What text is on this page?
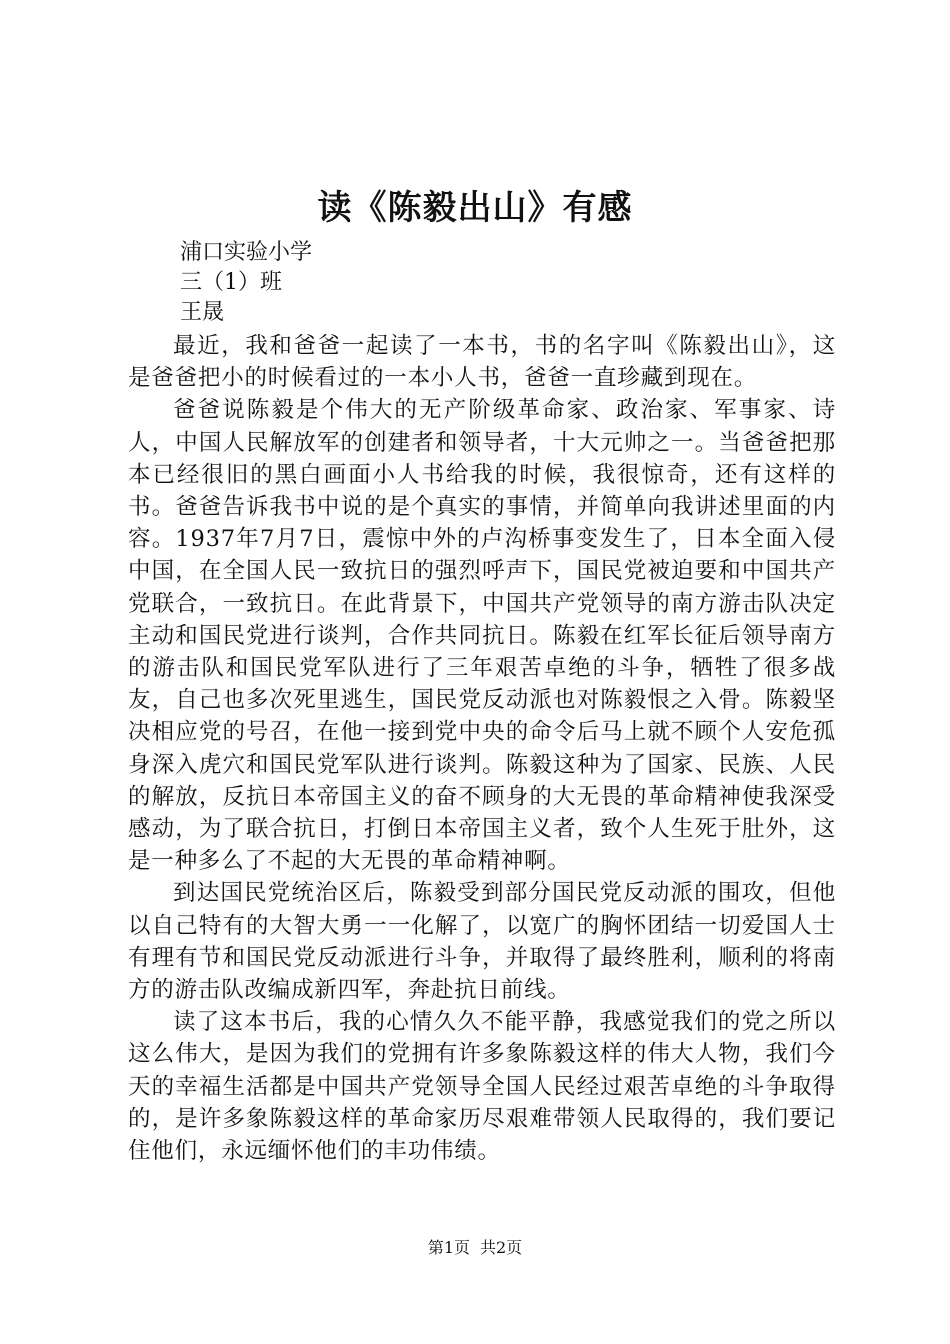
读《陈毅出山》有感
浦口实验小学
三（1）班
王晟

最近，我和爸爸一起读了一本书，书的名字叫《陈毅出山》，这是爸爸把小的时候看过的一本小人书，爸爸一直珍藏到现在。

爸爸说陈毅是个伟大的无产阶级革命家、政治家、军事家、诗人，中国人民解放军的创建者和领导者，十大元帅之一。当爸爸把那本已经很旧的黑白画面小人书给我的时候，我很惊奇，还有这样的书。爸爸告诉我书中说的是个真实的事情，并简单向我讲述里面的内容。1937年7月7日，震惊中外的卢沟桥事变发生了，日本全面入侵中国，在全国人民一致抗日的强烈呼声下，国民党被迫要和中国共产党联合，一致抗日。在此背景下，中国共产党领导的南方游击队决定主动和国民党进行谈判，合作共同抗日。陈毅在红军长征后领导南方的游击队和国民党军队进行了三年艰苦卓绝的斗争，牺牲了很多战友，自己也多次死里逃生，国民党反动派也对陈毅恨之入骨。陈毅坚决相应党的号召，在他一接到党中央的命令后马上就不顾个人安危孤身深入虎穴和国民党军队进行谈判。陈毅这种为了国家、民族、人民的解放，反抗日本帝国主义的奋不顾身的大无畏的革命精神使我深受感动，为了联合抗日，打倒日本帝国主义者，致个人生死于肚外，这是一种多么了不起的大无畏的革命精神啊。

到达国民党统治区后，陈毅受到部分国民党反动派的围攻，但他以自己特有的大智大勇一一化解了，以宽广的胸怀团结一切爱国人士有理有节和国民党反动派进行斗争，并取得了最终胜利，顺利的将南方的游击队改编成新四军，奔赴抗日前线。

读了这本书后，我的心情久久不能平静，我感觉我们的党之所以这么伟大，是因为我们的党拥有许多象陈毅这样的伟大人物，我们今天的幸福生活都是中国共产党领导全国人民经过艰苦卓绝的斗争取得的，是许多象陈毅这样的革命家历尽艰难带领人民取得的，我们要记住他们，永远缅怀他们的丰功伟绩。

第1页 共2页
